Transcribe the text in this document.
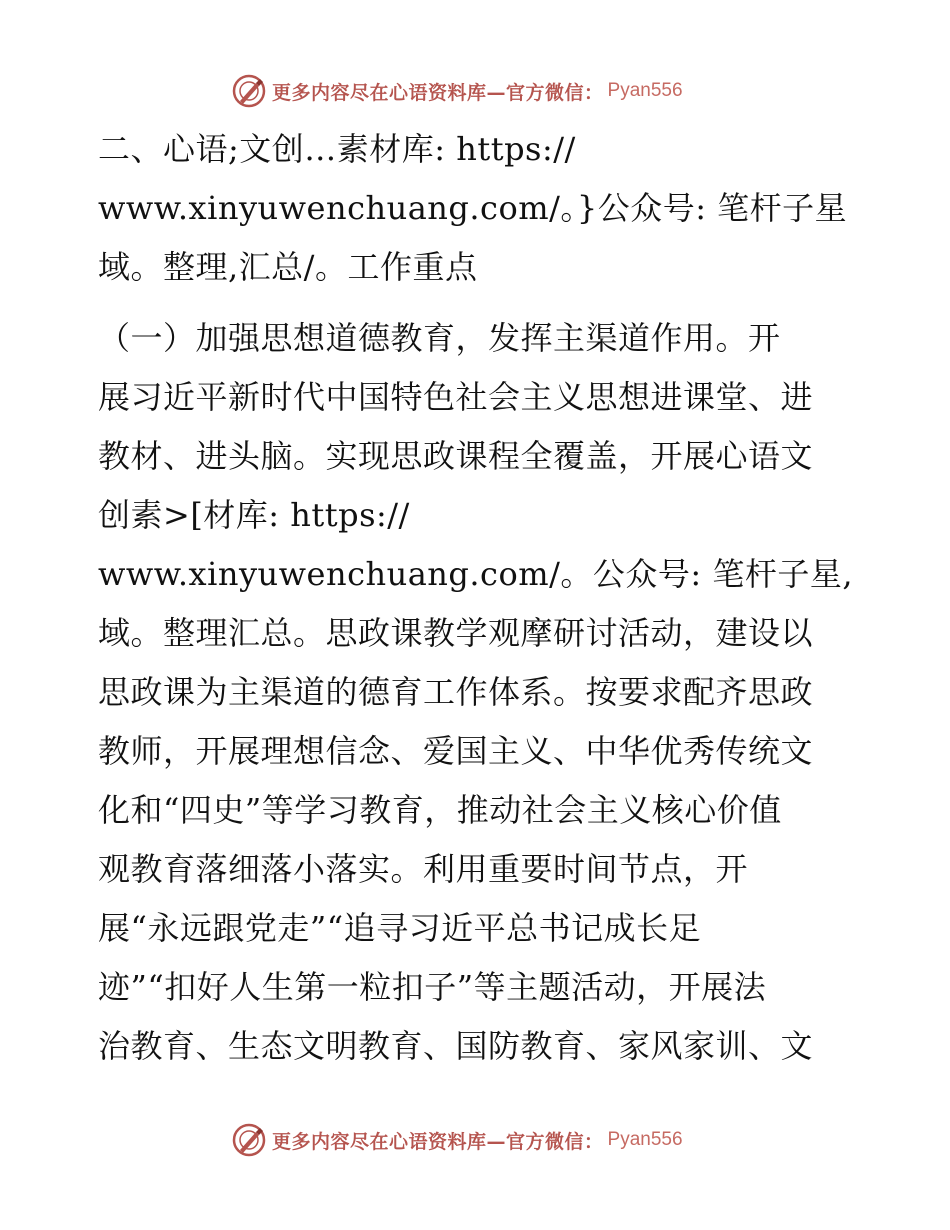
更多内容尽在心语资料库—官方微信： Pyan556
二、心语;文创…素材库: https://
www.xinyuwenchuang.com/。}公众号: 笔杆子星
域。整理,汇总/。工作重点
（一）加强思想道德教育，发挥主渠道作用。开
展习近平新时代中国特色社会主义思想进课堂、进
教材、进头脑。实现思政课程全覆盖，开展心语文
创素>[材库: https://
www.xinyuwenchuang.com/。公众号: 笔杆子星,
域。整理汇总。思政课教学观摩研讨活动，建设以
思政课为主渠道的德育工作体系。按要求配齐思政
教师，开展理想信念、爱国主义、中华优秀传统文
化和“四史”等学习教育，推动社会主义核心价值
观教育落细落小落实。利用重要时间节点，开
展“永远跟党走”“追寻习近平总书记成长足
迹”“扣好人生第一粒扣子”等主题活动，开展法
治教育、生态文明教育、国防教育、家风家训、文
更多内容尽在心语资料库—官方微信： Pyan556
